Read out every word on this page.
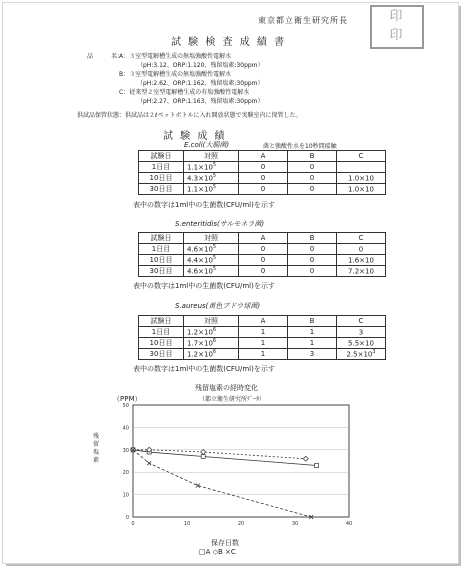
印
印
東京都立衛生研究所長
試 験 検 査 成 績 書
品　　　名：
A：３室型電解槽生成の無塩強酸性電解水
（pH:3.12、ORP:1.120、残留塩素:30ppm）
B：３室型電解槽生成の無塩強酸性電解水
（pH:2.62、ORP:1.162、残留塩素:30ppm）
C：従来型２室型電解槽生成の有塩強酸性電解水
（pH:2.27、ORP:1.163、残留塩素:30ppm）
供試品保管状態：供試品は２ℓペットボトルに入れ開放状態で実験室内に保管した。
試 験 成 績
E.coli(大腸菌)	菌と強酸性水を10秒間接触
試験日	対照	A	B	C
1日目	$1.1\times 10^5$	0	0	
10日目	$4.3\times 10^5$	0	0	1.0×10
30日目	$1.1\times 10^5$	0	0	1.0×10
表中の数字は1ml中の生菌数(CFU/ml)を示す
S.enteritidis(サルモネラ菌)
試験日	対照	A	B	C
1日目	$4.6\times 10^5$	0	0	0
10日目	$4.4\times 10^5$	0	0	1.6×10
30日目	$4.6\times 10^5$	0	0	7.2×10
表中の数字は1ml中の生菌数(CFU/ml)を示す
S.aureus(黄色ブドウ球菌)
試験日	対照	A	B	C
1日目	$1.2\times 10^6$	1	1	3
10日目	$1.7\times 10^6$	1	1	5.5×10
30日目	$1.2\times 10^6$	1	3	$2.5\times 10^3$
表中の数字は1ml中の生菌数(CFU/ml)を示す
残留塩素の経時変化
（都立衛生研究所ﾃﾞｰﾀ）
（PPM）
残留塩素
0
10
20
30
40
50
0	10	20	30	40
保存日数
□A ◇B ×C
